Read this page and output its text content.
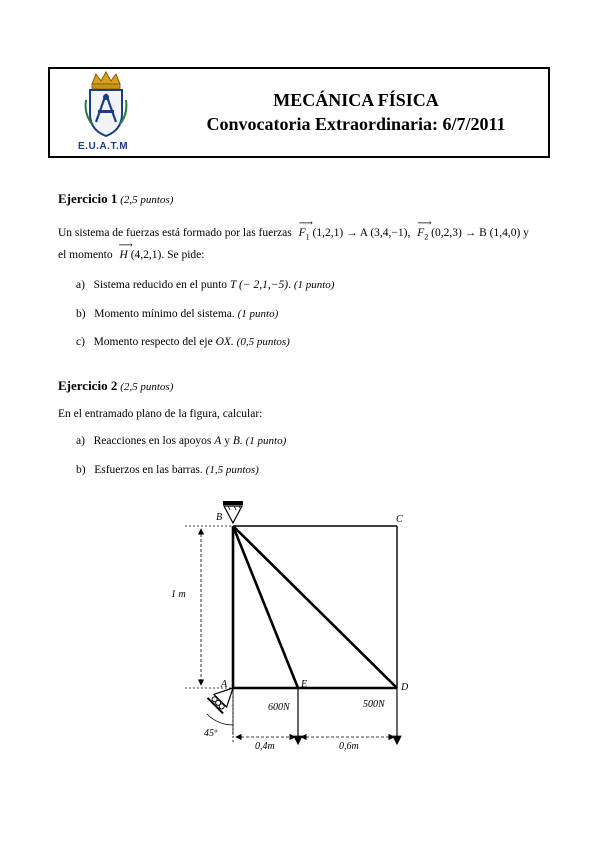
E.U.A.T.M
MECÁNICA FÍSICA
Convocatoria Extraordinaria: 6/7/2011
Ejercicio 1 (2,5 puntos)
Un sistema de fuerzas está formado por las fuerzas
⟶
$F_1$ (1,2,1) → A (3,4,−1),
⟶
$F_2$ (0,2,3) → B (1,4,0) y
el momento
⟶
H (4,2,1). Se pide:
a) Sistema reducido en el punto T (− 2,1,−5). (1 punto)
b) Momento mínimo del sistema. (1 punto)
c) Momento respecto del eje OX. (0,5 puntos)
Ejercicio 2 (2,5 puntos)
En el entramado plano de la figura, calcular:
a) Reacciones en los apoyos A y B. (1 punto)
b) Esfuerzos en las barras. (1,5 puntos)
B	C
A	E	D
1 m
600N	500N
45º
0,4m	0,6m
